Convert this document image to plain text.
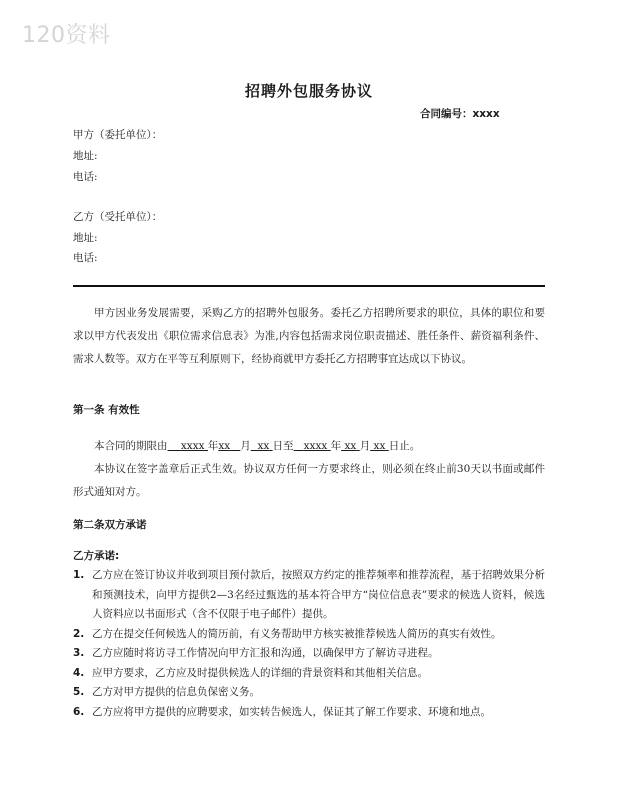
120资料
招聘外包服务协议
合同编号：xxxx
甲方（委托单位）：
地址:
电话:
乙方（受托单位）：
地址:
电话:

甲方因业务发展需要，采购乙方的招聘外包服务。委托乙方招聘所要求的职位，具体的职位和要求以甲方代表发出《职位需求信息表》为准,内容包括需求岗位职责描述、胜任条件、薪资福利条件、需求人数等。双方在平等互利原则下，经协商就甲方委托乙方招聘事宜达成以下协议。

第一条 有效性

本合同的期限由 xxxx 年xx 月 xx 日至 xxxx 年 xx 月 xx 日止。

本协议在签字盖章后正式生效。协议双方任何一方要求终止，则必须在终止前30天以书面或邮件形式通知对方。

第二条双方承诺
乙方承诺:
1. 乙方应在签订协议并收到项目预付款后，按照双方约定的推荐频率和推荐流程，基于招聘效果分析和预测技术，向甲方提供2—3名经过甄选的基本符合甲方“岗位信息表”要求的候选人资料，候选人资料应以书面形式（含不仅限于电子邮件）提供。
2. 乙方在提交任何候选人的简历前，有义务帮助甲方核实被推荐候选人简历的真实有效性。
3. 乙方应随时将访寻工作情况向甲方汇报和沟通，以确保甲方了解访寻进程。
4. 应甲方要求，乙方应及时提供候选人的详细的背景资料和其他相关信息。
5. 乙方对甲方提供的信息负保密义务。
6. 乙方应将甲方提供的应聘要求，如实转告候选人，保证其了解工作要求、环境和地点。
